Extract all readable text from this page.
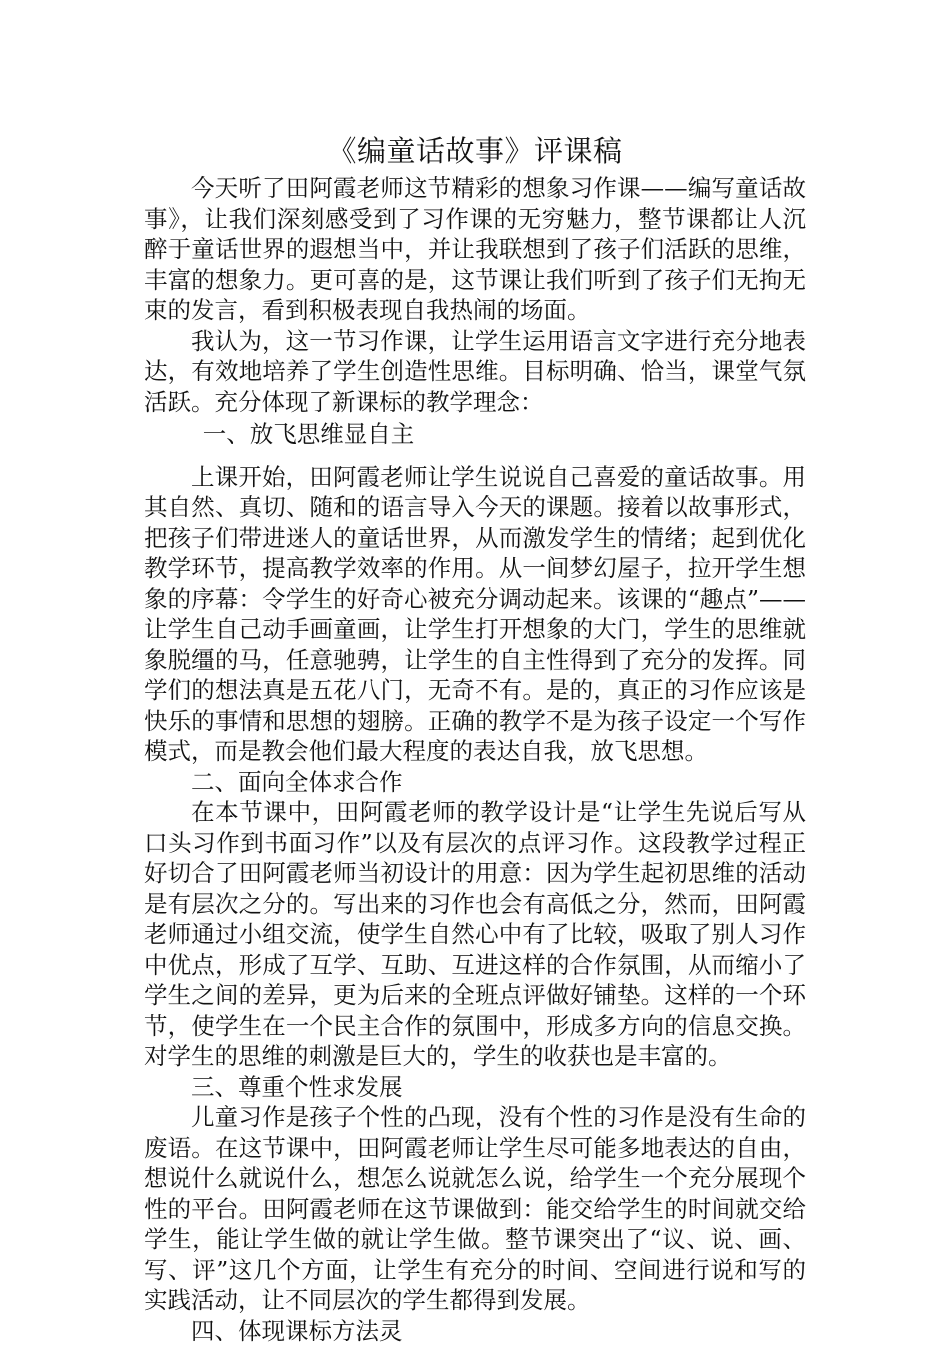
《编童话故事》评课稿

今天听了田阿霞老师这节精彩的想象习作课——编写童话故事》，让我们深刻感受到了习作课的无穷魅力，整节课都让人沉醉于童话世界的遐想当中，并让我联想到了孩子们活跃的思维，丰富的想象力。更可喜的是，这节课让我们听到了孩子们无拘无束的发言，看到积极表现自我热闹的场面。

我认为，这一节习作课，让学生运用语言文字进行充分地表达，有效地培养了学生创造性思维。目标明确、恰当，课堂气氛活跃。充分体现了新课标的教学理念：

一、放飞思维显自主

上课开始，田阿霞老师让学生说说自己喜爱的童话故事。用其自然、真切、随和的语言导入今天的课题。接着以故事形式，把孩子们带进迷人的童话世界，从而激发学生的情绪；起到优化教学环节，提高教学效率的作用。从一间梦幻屋子，拉开学生想象的序幕：令学生的好奇心被充分调动起来。该课的“趣点”——让学生自己动手画童画，让学生打开想象的大门，学生的思维就象脱缰的马，任意驰骋，让学生的自主性得到了充分的发挥。同学们的想法真是五花八门，无奇不有。是的，真正的习作应该是快乐的事情和思想的翅膀。正确的教学不是为孩子设定一个写作模式，而是教会他们最大程度的表达自我，放飞思想。

二、面向全体求合作

在本节课中，田阿霞老师的教学设计是“让学生先说后写从口头习作到书面习作”以及有层次的点评习作。这段教学过程正好切合了田阿霞老师当初设计的用意：因为学生起初思维的活动是有层次之分的。写出来的习作也会有高低之分，然而，田阿霞老师通过小组交流，使学生自然心中有了比较，吸取了别人习作中优点，形成了互学、互助、互进这样的合作氛围，从而缩小了学生之间的差异，更为后来的全班点评做好铺垫。这样的一个环节，使学生在一个民主合作的氛围中，形成多方向的信息交换。对学生的思维的刺激是巨大的，学生的收获也是丰富的。

三、尊重个性求发展

儿童习作是孩子个性的凸现，没有个性的习作是没有生命的废语。在这节课中，田阿霞老师让学生尽可能多地表达的自由，想说什么就说什么，想怎么说就怎么说，给学生一个充分展现个性的平台。田阿霞老师在这节课做到：能交给学生的时间就交给学生，能让学生做的就让学生做。整节课突出了“议、说、画、写、评”这几个方面，让学生有充分的时间、空间进行说和写的实践活动，让不同层次的学生都得到发展。

四、体现课标方法灵
